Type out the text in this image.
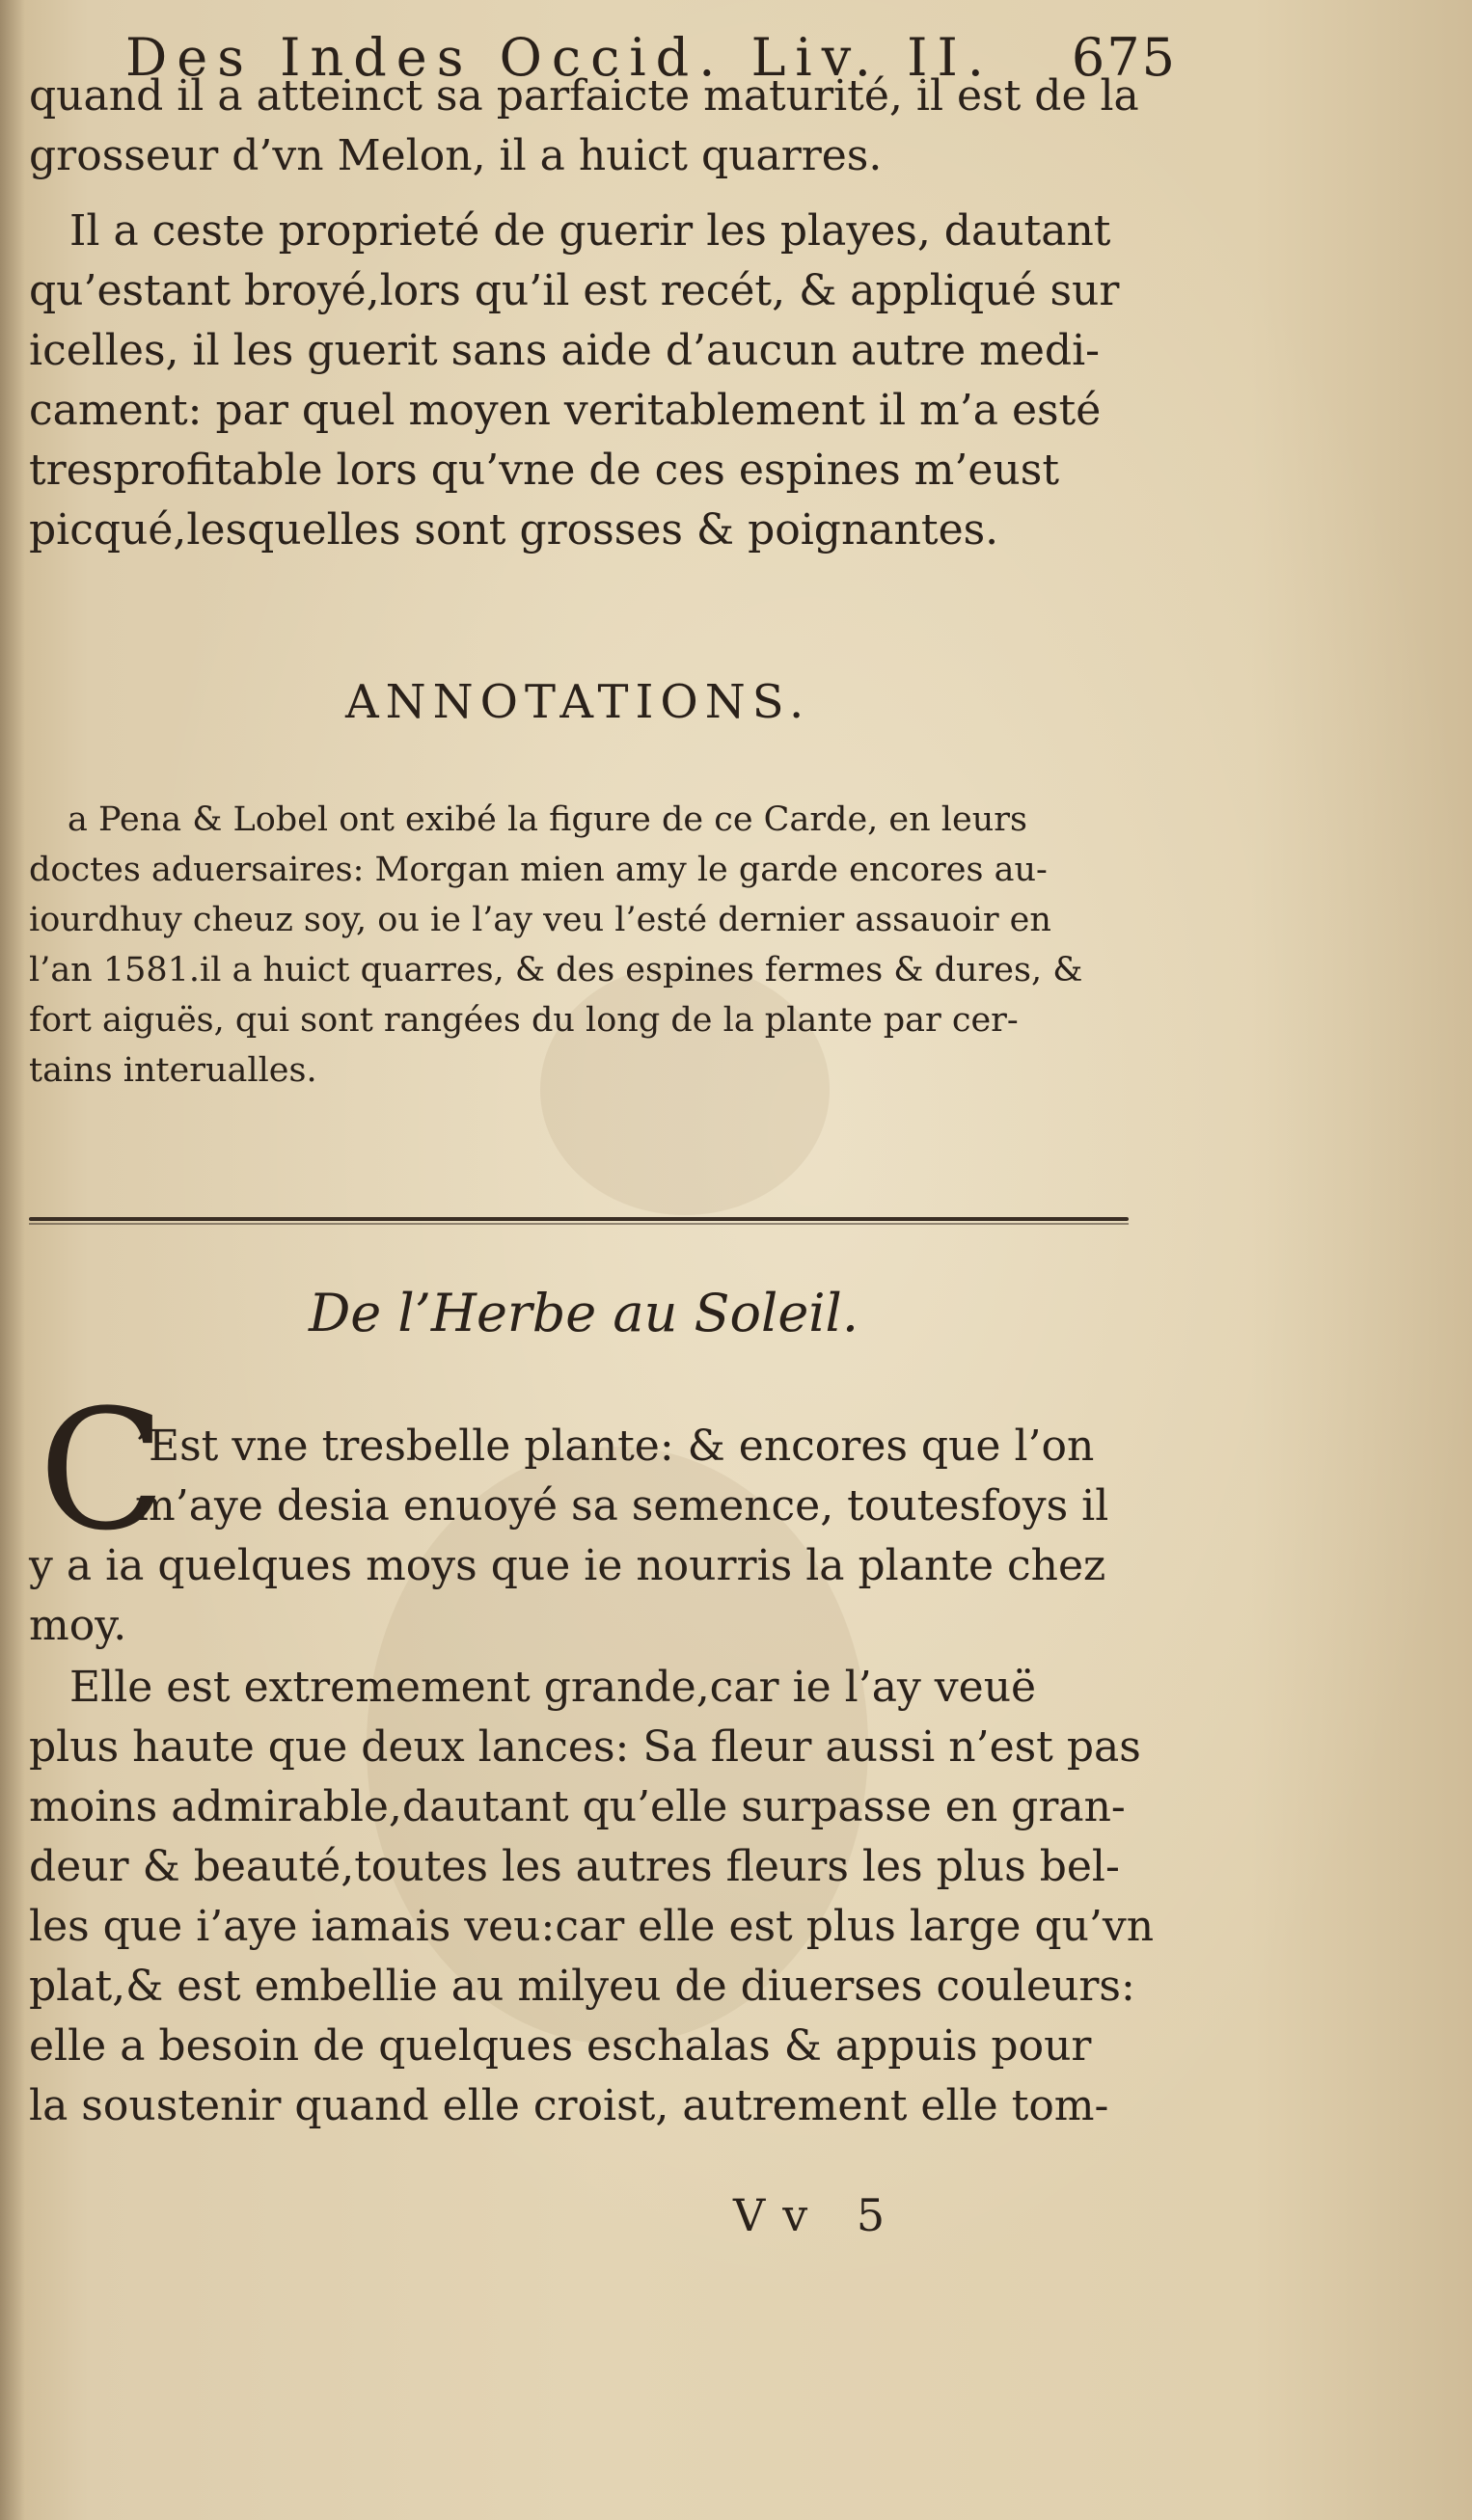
Des Indes Occid. Liv. II. 675
quand il a atteinct sa parfaicte maturité, il est de la
grosseur d’vn Melon, il a huict quarres.
Il a ceste proprieté de guerir les playes, dautant
qu’estant broyé,lors qu’il est recét, & appliqué sur
icelles, il les guerit sans aide d’aucun autre medi-
cament: par quel moyen veritablement il m’a esté
tresprofitable lors qu’vne de ces espines m’eust
picqué,lesquelles sont grosses & poignantes.
ANNOTATIONS.
a Pena & Lobel ont exibé la figure de ce Carde, en leurs
doctes aduersaires: Morgan mien amy le garde encores au-
iourdhuy cheuz soy, ou ie l’ay veu l’esté dernier assauoir en
l’an 1581.il a huict quarres, & des espines fermes & dures, &
fort aiguës, qui sont rangées du long de la plante par cer-
tains interualles.
De l’Herbe au Soleil.
C
’Est vne tresbelle plante: & encores que l’on
m’aye desia enuoyé sa semence, toutesfoys il
y a ia quelques moys que ie nourris la plante chez
moy.
Elle est extremement grande,car ie l’ay veuë
plus haute que deux lances: Sa fleur aussi n’est pas
moins admirable,dautant qu’elle surpasse en gran-
deur & beauté,toutes les autres fleurs les plus bel-
les que i’aye iamais veu:car elle est plus large qu’vn
plat,& est embellie au milyeu de diuerses couleurs:
elle a besoin de quelques eschalas & appuis pour
la soustenir quand elle croist, autrement elle tom-
Vv 5
